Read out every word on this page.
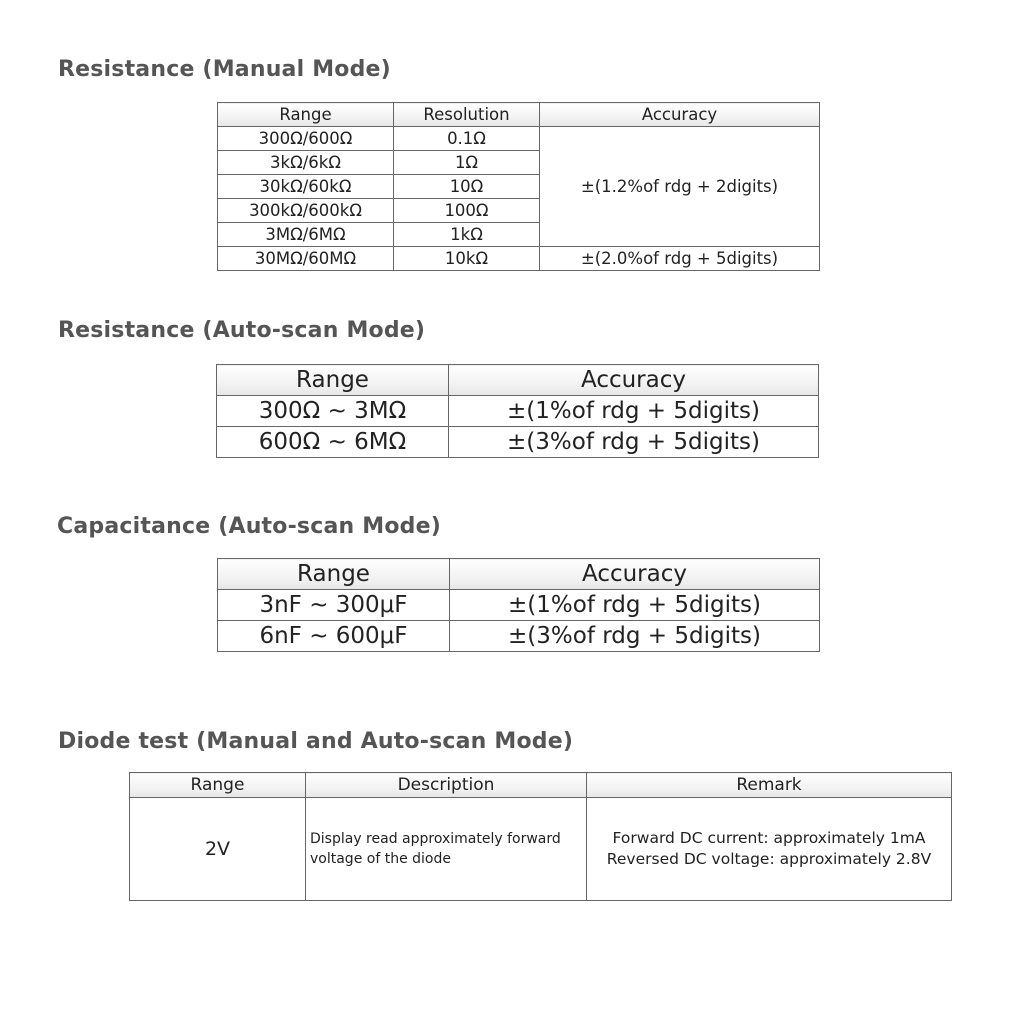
Resistance (Manual Mode)
Range	Resolution	Accuracy
300Ω/600Ω	0.1Ω	±(1.2%of rdg + 2digits)
3kΩ/6kΩ	1Ω	
30kΩ/60kΩ	10Ω	
300kΩ/600kΩ	100Ω	
3MΩ/6MΩ	1kΩ	
30MΩ/60MΩ	10kΩ	±(2.0%of rdg + 5digits)
Resistance (Auto-scan Mode)
Range	Accuracy
300Ω ~ 3MΩ	±(1%of rdg + 5digits)
600Ω ~ 6MΩ	±(3%of rdg + 5digits)
Capacitance (Auto-scan Mode)
Range	Accuracy
3nF ~ 300μF	±(1%of rdg + 5digits)
6nF ~ 600μF	±(3%of rdg + 5digits)
Diode test (Manual and Auto-scan Mode)
Range	Description	Remark
2V	Display read approximately forward voltage of the diode	Forward DC current: approximately 1mA
Reversed DC voltage: approximately 2.8V
